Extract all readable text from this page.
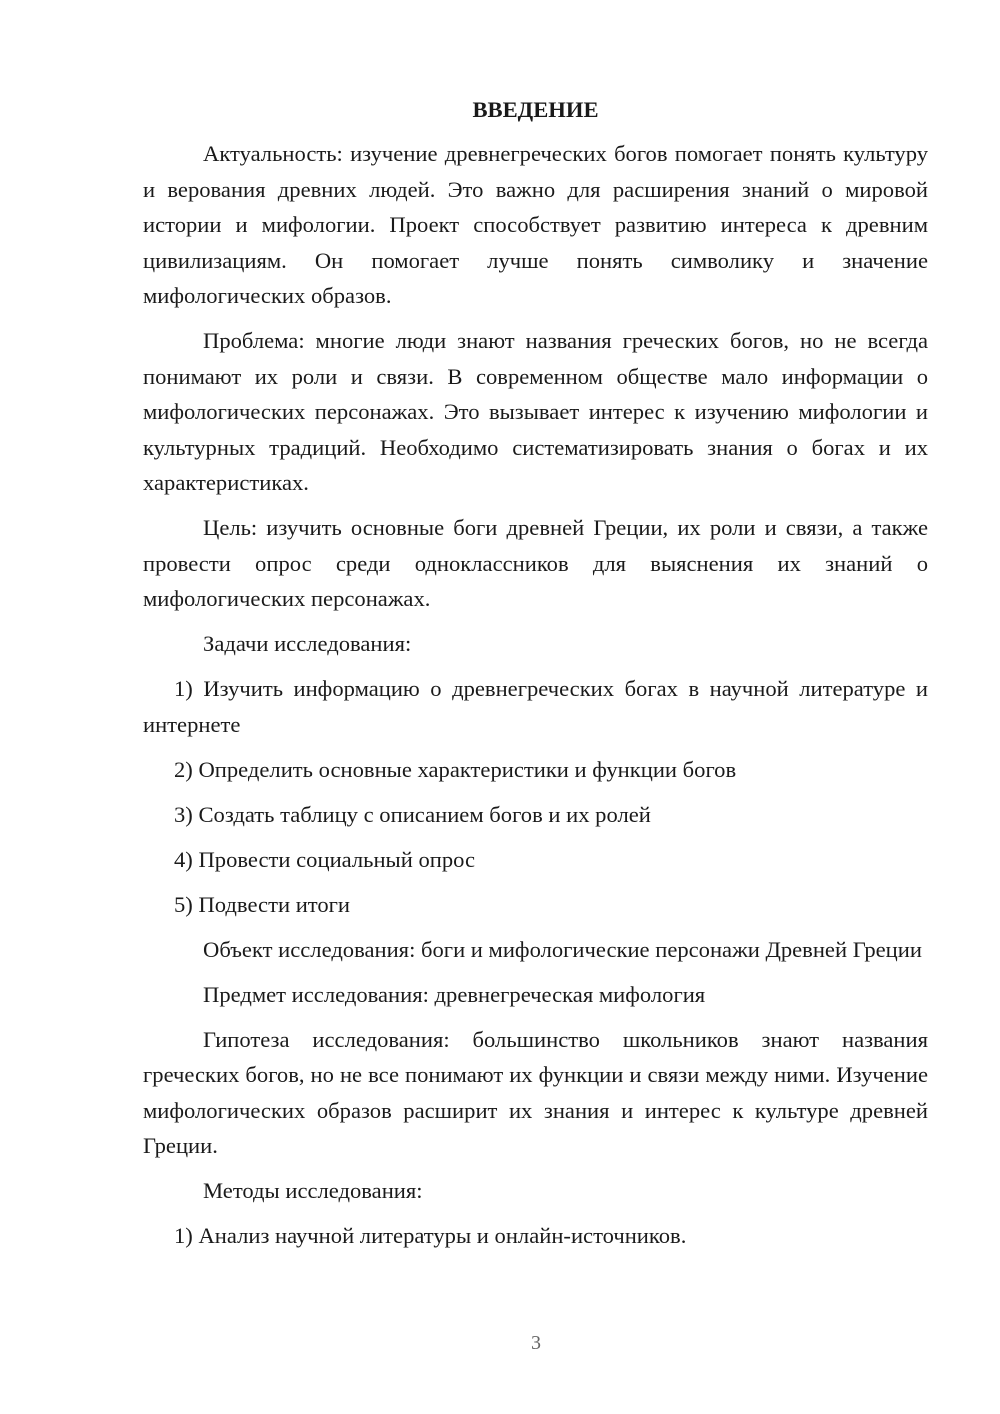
ВВЕДЕНИЕ

Актуальность: изучение древнегреческих богов помогает понять культуру и верования древних людей. Это важно для расширения знаний о мировой истории и мифологии. Проект способствует развитию интереса к древним цивилизациям. Он помогает лучше понять символику и значение мифологических образов.

Проблема: многие люди знают названия греческих богов, но не всегда понимают их роли и связи. В современном обществе мало информации о мифологических персонажах. Это вызывает интерес к изучению мифологии и культурных традиций. Необходимо систематизировать знания о богах и их характеристиках.

Цель: изучить основные боги древней Греции, их роли и связи, а также провести опрос среди одноклассников для выяснения их знаний о мифологических персонажах.

Задачи исследования:

1) Изучить информацию о древнегреческих богах в научной литературе и интернете

2) Определить основные характеристики и функции богов

3) Создать таблицу с описанием богов и их ролей

4) Провести социальный опрос

5) Подвести итоги

Объект исследования: боги и мифологические персонажи Древней Греции

Предмет исследования: древнегреческая мифология

Гипотеза исследования: большинство школьников знают названия греческих богов, но не все понимают их функции и связи между ними. Изучение мифологических образов расширит их знания и интерес к культуре древней Греции.

Методы исследования:

1) Анализ научной литературы и онлайн-источников.

3
